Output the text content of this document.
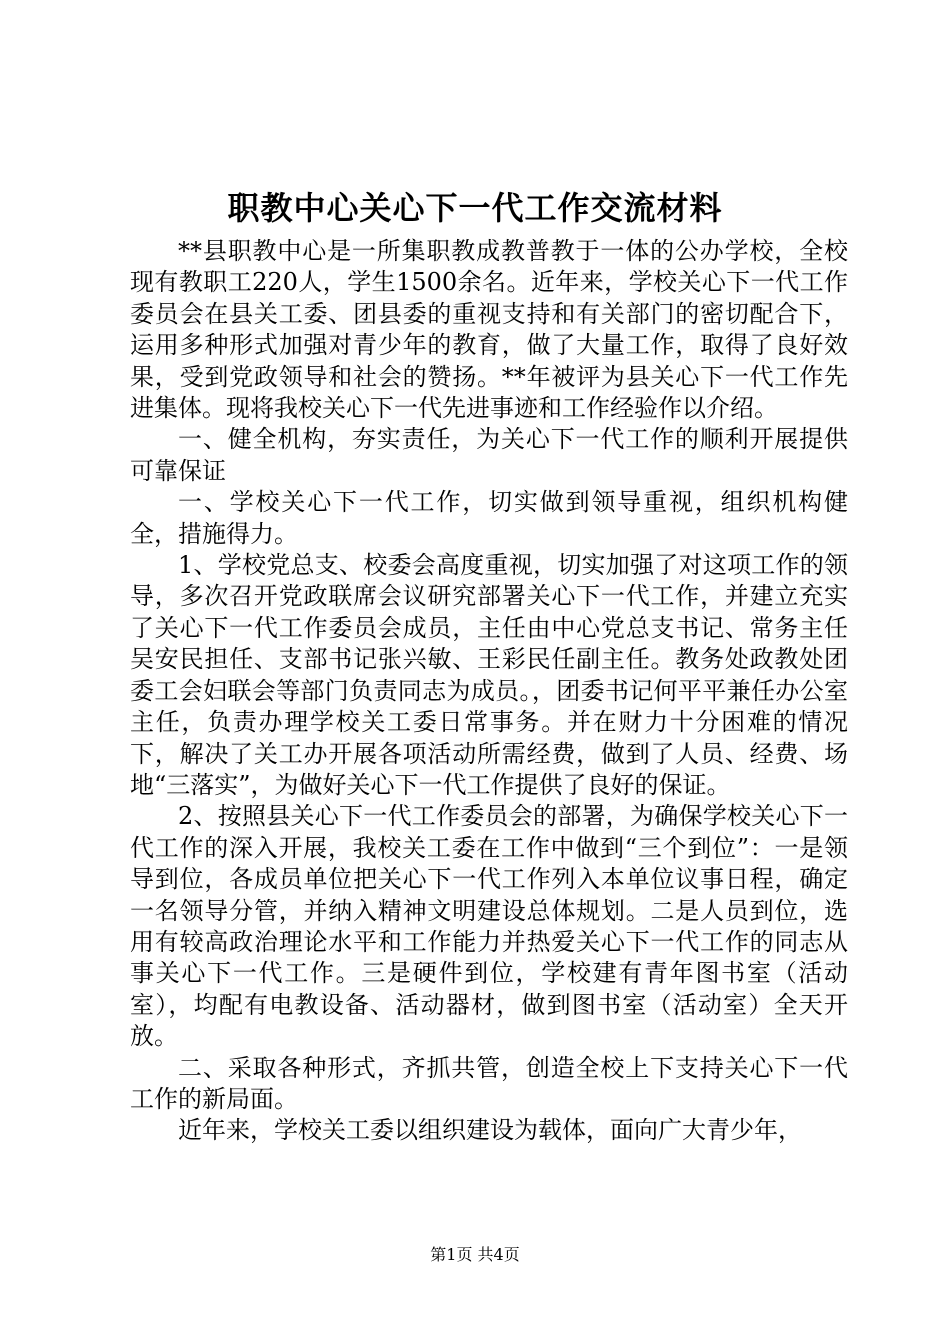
职教中心关心下一代工作交流材料

**县职教中心是一所集职教成教普教于一体的公办学校，全校现有教职工220人，学生1500余名。近年来，学校关心下一代工作委员会在县关工委、团县委的重视支持和有关部门的密切配合下，运用多种形式加强对青少年的教育，做了大量工作，取得了良好效果，受到党政领导和社会的赞扬。**年被评为县关心下一代工作先进集体。现将我校关心下一代先进事迹和工作经验作以介绍。

一、健全机构，夯实责任，为关心下一代工作的顺利开展提供可靠保证

一、学校关心下一代工作，切实做到领导重视，组织机构健全，措施得力。

1、学校党总支、校委会高度重视，切实加强了对这项工作的领导，多次召开党政联席会议研究部署关心下一代工作，并建立充实了关心下一代工作委员会成员，主任由中心党总支书记、常务主任吴安民担任、支部书记张兴敏、王彩民任副主任。教务处政教处团委工会妇联会等部门负责同志为成员。，团委书记何平平兼任办公室主任，负责办理学校关工委日常事务。并在财力十分困难的情况下，解决了关工办开展各项活动所需经费，做到了人员、经费、场地“三落实”，为做好关心下一代工作提供了良好的保证。

2、按照县关心下一代工作委员会的部署，为确保学校关心下一代工作的深入开展，我校关工委在工作中做到“三个到位”：一是领导到位，各成员单位把关心下一代工作列入本单位议事日程，确定一名领导分管，并纳入精神文明建设总体规划。二是人员到位，选用有较高政治理论水平和工作能力并热爱关心下一代工作的同志从事关心下一代工作。三是硬件到位，学校建有青年图书室（活动室），均配有电教设备、活动器材，做到图书室（活动室）全天开放。

二、采取各种形式，齐抓共管，创造全校上下支持关心下一代工作的新局面。

近年来，学校关工委以组织建设为载体，面向广大青少年，

第1页 共4页
